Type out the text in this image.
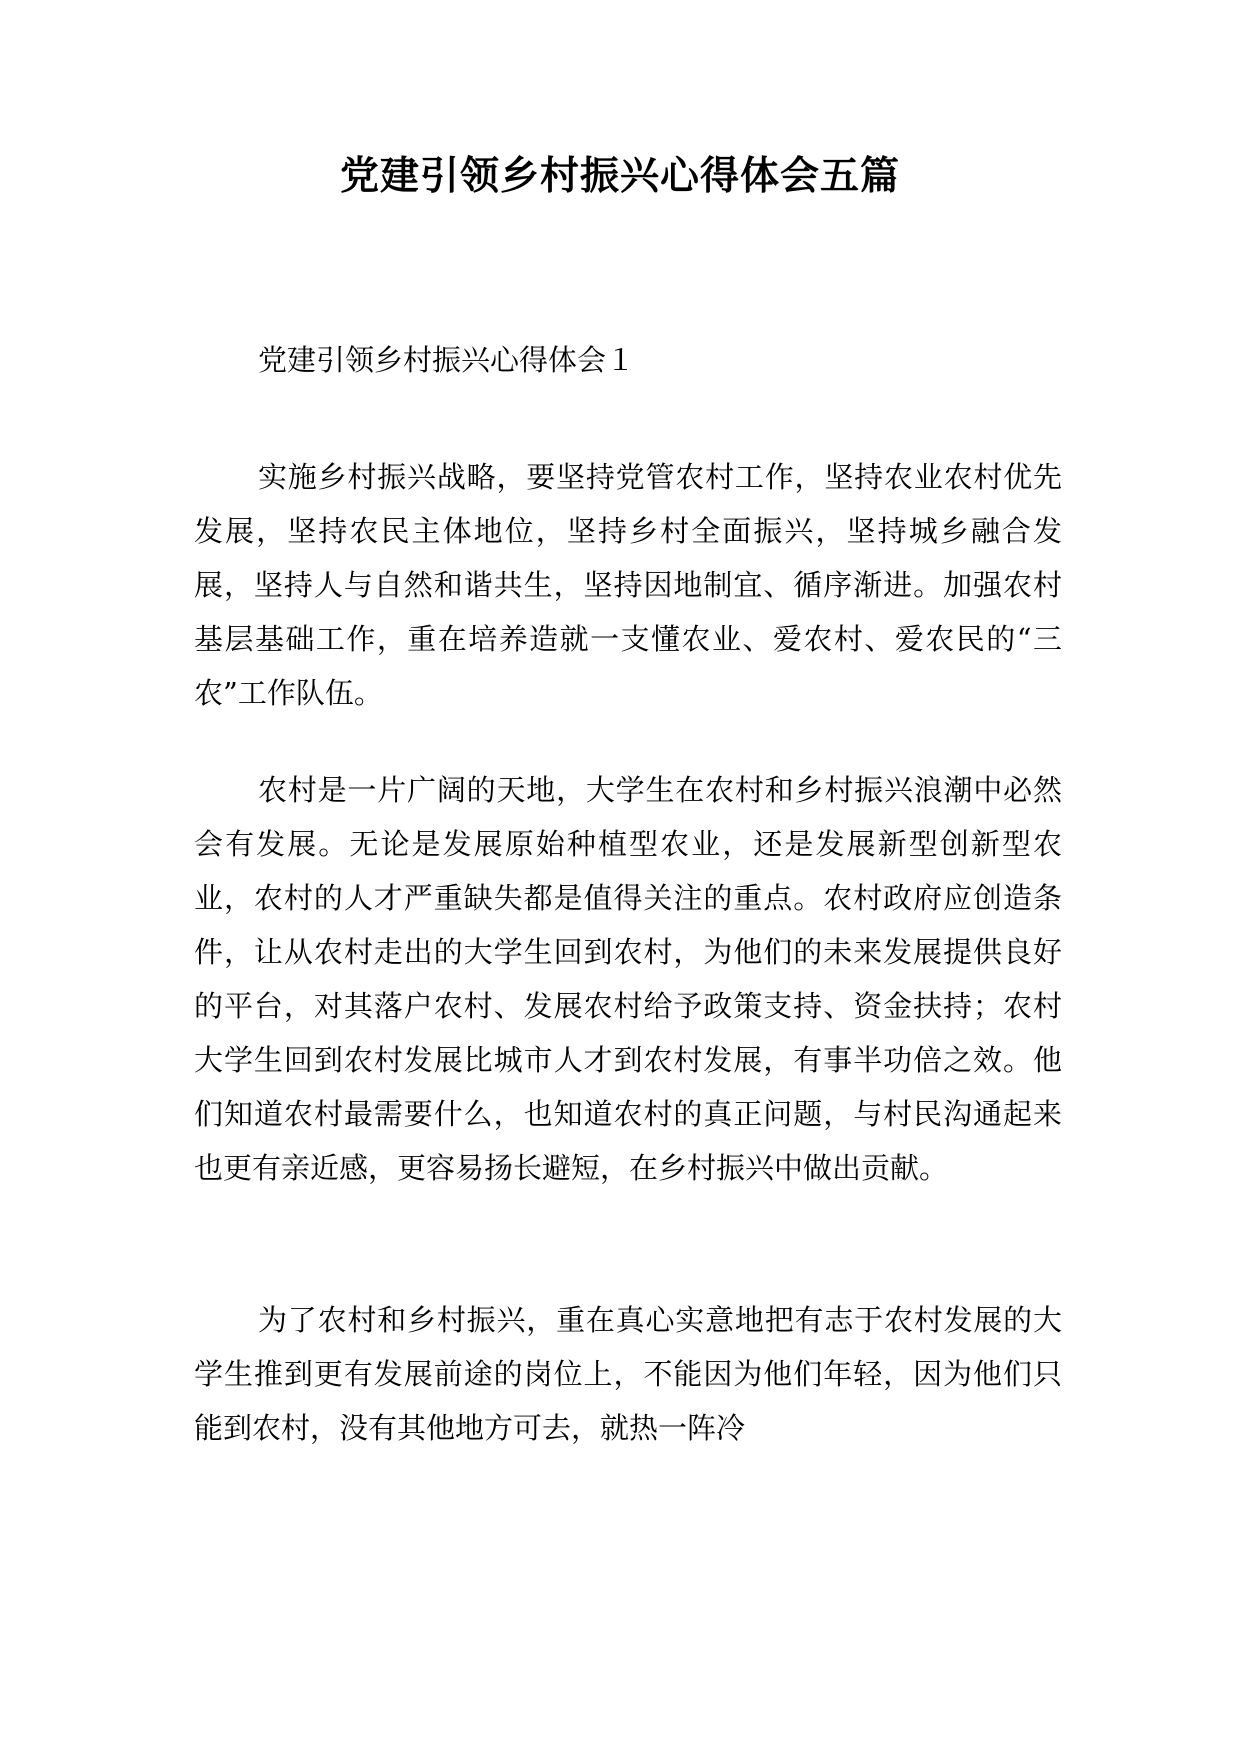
党建引领乡村振兴心得体会五篇

党建引领乡村振兴心得体会１

实施乡村振兴战略，要坚持党管农村工作，坚持农业农村优先发展，坚持农民主体地位，坚持乡村全面振兴，坚持城乡融合发展，坚持人与自然和谐共生，坚持因地制宜、循序渐进。加强农村基层基础工作，重在培养造就一支懂农业、爱农村、爱农民的“三农”工作队伍。

农村是一片广阔的天地，大学生在农村和乡村振兴浪潮中必然会有发展。无论是发展原始种植型农业，还是发展新型创新型农业，农村的人才严重缺失都是值得关注的重点。农村政府应创造条件，让从农村走出的大学生回到农村，为他们的未来发展提供良好的平台，对其落户农村、发展农村给予政策支持、资金扶持；农村大学生回到农村发展比城市人才到农村发展，有事半功倍之效。他们知道农村最需要什么，也知道农村的真正问题，与村民沟通起来也更有亲近感，更容易扬长避短，在乡村振兴中做出贡献。

为了农村和乡村振兴，重在真心实意地把有志于农村发展的大学生推到更有发展前途的岗位上，不能因为他们年轻，因为他们只能到农村，没有其他地方可去，就热一阵冷
